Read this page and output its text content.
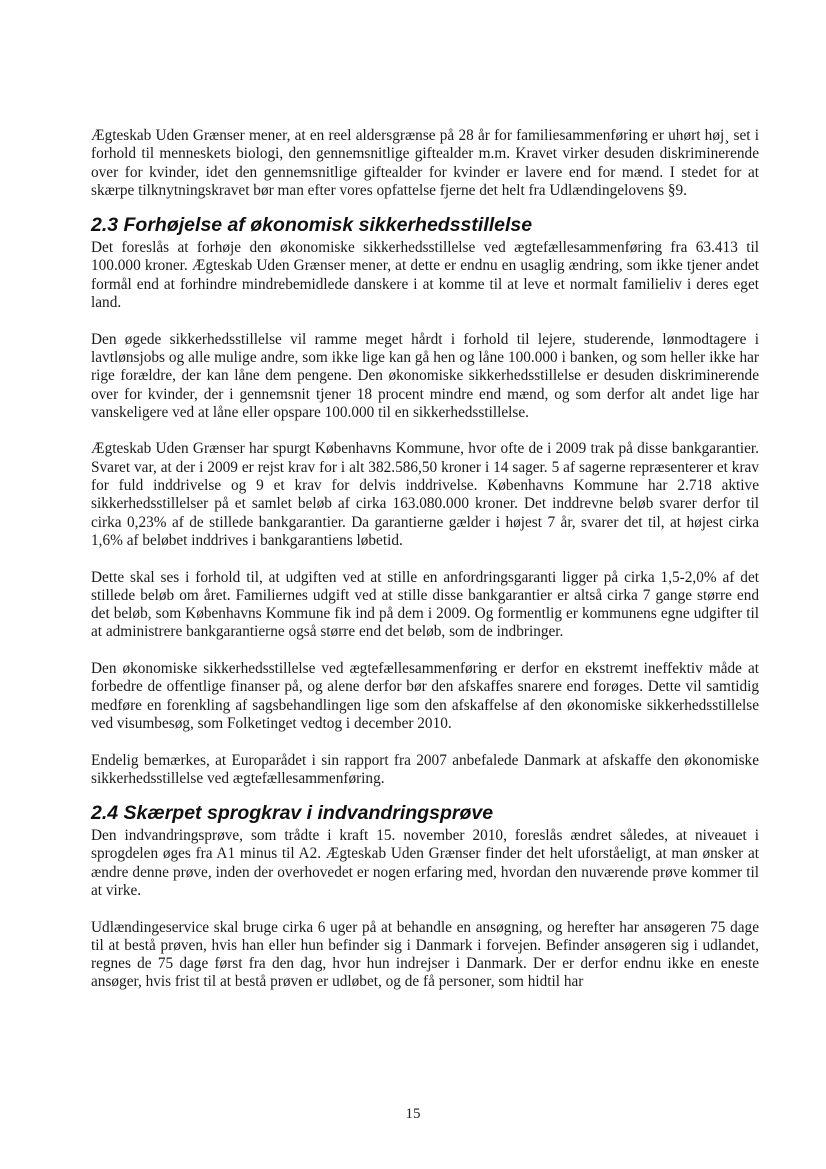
Ægteskab Uden Grænser mener, at en reel aldersgrænse på 28 år for familiesammenføring er uhørt høj¸ set i forhold til menneskets biologi, den gennemsnitlige giftealder m.m. Kravet virker desuden diskriminerende over for kvinder, idet den gennemsnitlige giftealder for kvinder er lavere end for mænd. I stedet for at skærpe tilknytningskravet bør man efter vores opfattelse fjerne det helt fra Udlændingelovens §9.

2.3 Forhøjelse af økonomisk sikkerhedsstillelse

Det foreslås at forhøje den økonomiske sikkerhedsstillelse ved ægtefællesammenføring fra 63.413 til 100.000 kroner. Ægteskab Uden Grænser mener, at dette er endnu en usaglig ændring, som ikke tjener andet formål end at forhindre mindrebemidlede danskere i at komme til at leve et normalt familieliv i deres eget land.

Den øgede sikkerhedsstillelse vil ramme meget hårdt i forhold til lejere, studerende, lønmodtagere i lavtlønsjobs og alle mulige andre, som ikke lige kan gå hen og låne 100.000 i banken, og som heller ikke har rige forældre, der kan låne dem pengene. Den økonomiske sikkerhedsstillelse er desuden diskriminerende over for kvinder, der i gennemsnit tjener 18 procent mindre end mænd, og som derfor alt andet lige har vanskeligere ved at låne eller opspare 100.000 til en sikkerhedsstillelse.

Ægteskab Uden Grænser har spurgt Københavns Kommune, hvor ofte de i 2009 trak på disse bankgarantier. Svaret var, at der i 2009 er rejst krav for i alt 382.586,50 kroner i 14 sager. 5 af sagerne repræsenterer et krav for fuld inddrivelse og 9 et krav for delvis inddrivelse. Københavns Kommune har 2.718 aktive sikkerhedsstillelser på et samlet beløb af cirka 163.080.000 kroner. Det inddrevne beløb svarer derfor til cirka 0,23% af de stillede bankgarantier. Da garantierne gælder i højest 7 år, svarer det til, at højest cirka 1,6% af beløbet inddrives i bankgarantiens løbetid.

Dette skal ses i forhold til, at udgiften ved at stille en anfordringsgaranti ligger på cirka 1,5-2,0% af det stillede beløb om året. Familiernes udgift ved at stille disse bankgarantier er altså cirka 7 gange større end det beløb, som Københavns Kommune fik ind på dem i 2009. Og formentlig er kommunens egne udgifter til at administrere bankgarantierne også større end det beløb, som de indbringer.

Den økonomiske sikkerhedsstillelse ved ægtefællesammenføring er derfor en ekstremt ineffektiv måde at forbedre de offentlige finanser på, og alene derfor bør den afskaffes snarere end forøges. Dette vil samtidig medføre en forenkling af sagsbehandlingen lige som den afskaffelse af den økonomiske sikkerhedsstillelse ved visumbesøg, som Folketinget vedtog i december 2010.

Endelig bemærkes, at Europarådet i sin rapport fra 2007 anbefalede Danmark at afskaffe den økonomiske sikkerhedsstillelse ved ægtefællesammenføring.

2.4 Skærpet sprogkrav i indvandringsprøve

Den indvandringsprøve, som trådte i kraft 15. november 2010, foreslås ændret således, at niveauet i sprogdelen øges fra A1 minus til A2. Ægteskab Uden Grænser finder det helt uforståeligt, at man ønsker at ændre denne prøve, inden der overhovedet er nogen erfaring med, hvordan den nuværende prøve kommer til at virke.

Udlændingeservice skal bruge cirka 6 uger på at behandle en ansøgning, og herefter har ansøgeren 75 dage til at bestå prøven, hvis han eller hun befinder sig i Danmark i forvejen. Befinder ansøgeren sig i udlandet, regnes de 75 dage først fra den dag, hvor hun indrejser i Danmark. Der er derfor endnu ikke en eneste ansøger, hvis frist til at bestå prøven er udløbet, og de få personer, som hidtil har

15
